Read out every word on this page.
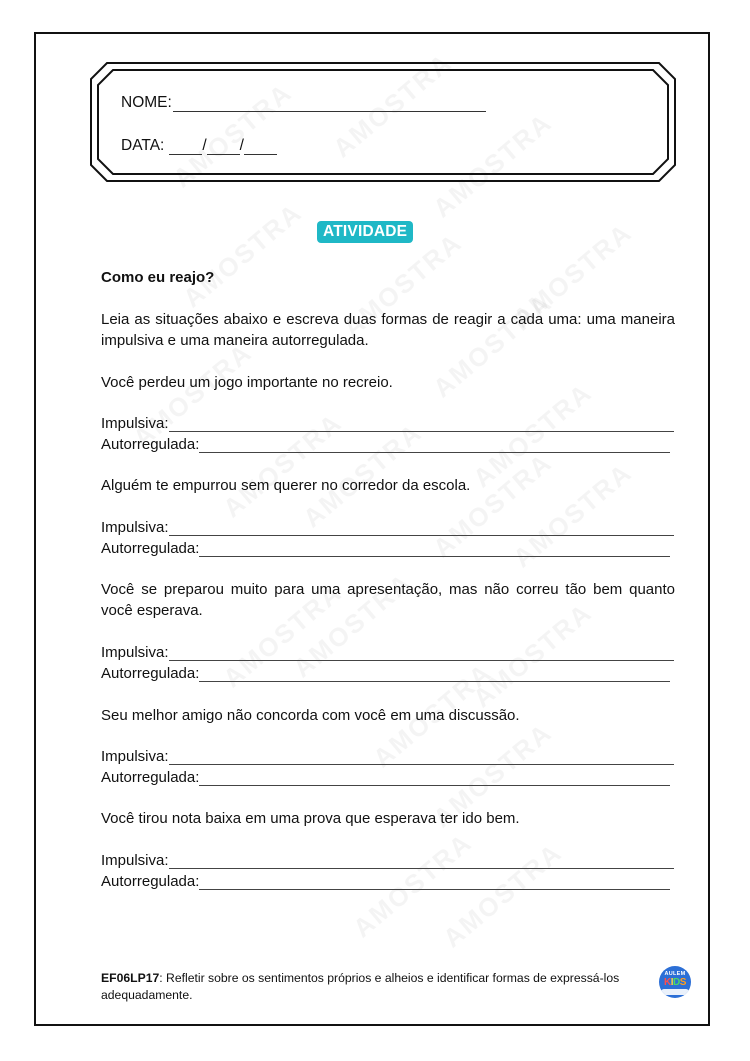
NOME:
DATA: / /
ATIVIDADE
Como eu reajo?
Leia as situações abaixo e escreva duas formas de reagir a cada uma: uma maneira impulsiva e uma maneira autorregulada.
Você perdeu um jogo importante no recreio.
Impulsiva:
Autorregulada:
Alguém te empurrou sem querer no corredor da escola.
Impulsiva:
Autorregulada:
Você se preparou muito para uma apresentação, mas não correu tão bem quanto você esperava.
Impulsiva:
Autorregulada:
Seu melhor amigo não concorda com você em uma discussão.
Impulsiva:
Autorregulada:
Você tirou nota baixa em uma prova que esperava ter ido bem.
Impulsiva:
Autorregulada:
EF06LP17: Refletir sobre os sentimentos próprios e alheios e identificar formas de expressá-los adequadamente.
AULEM
KIDS
